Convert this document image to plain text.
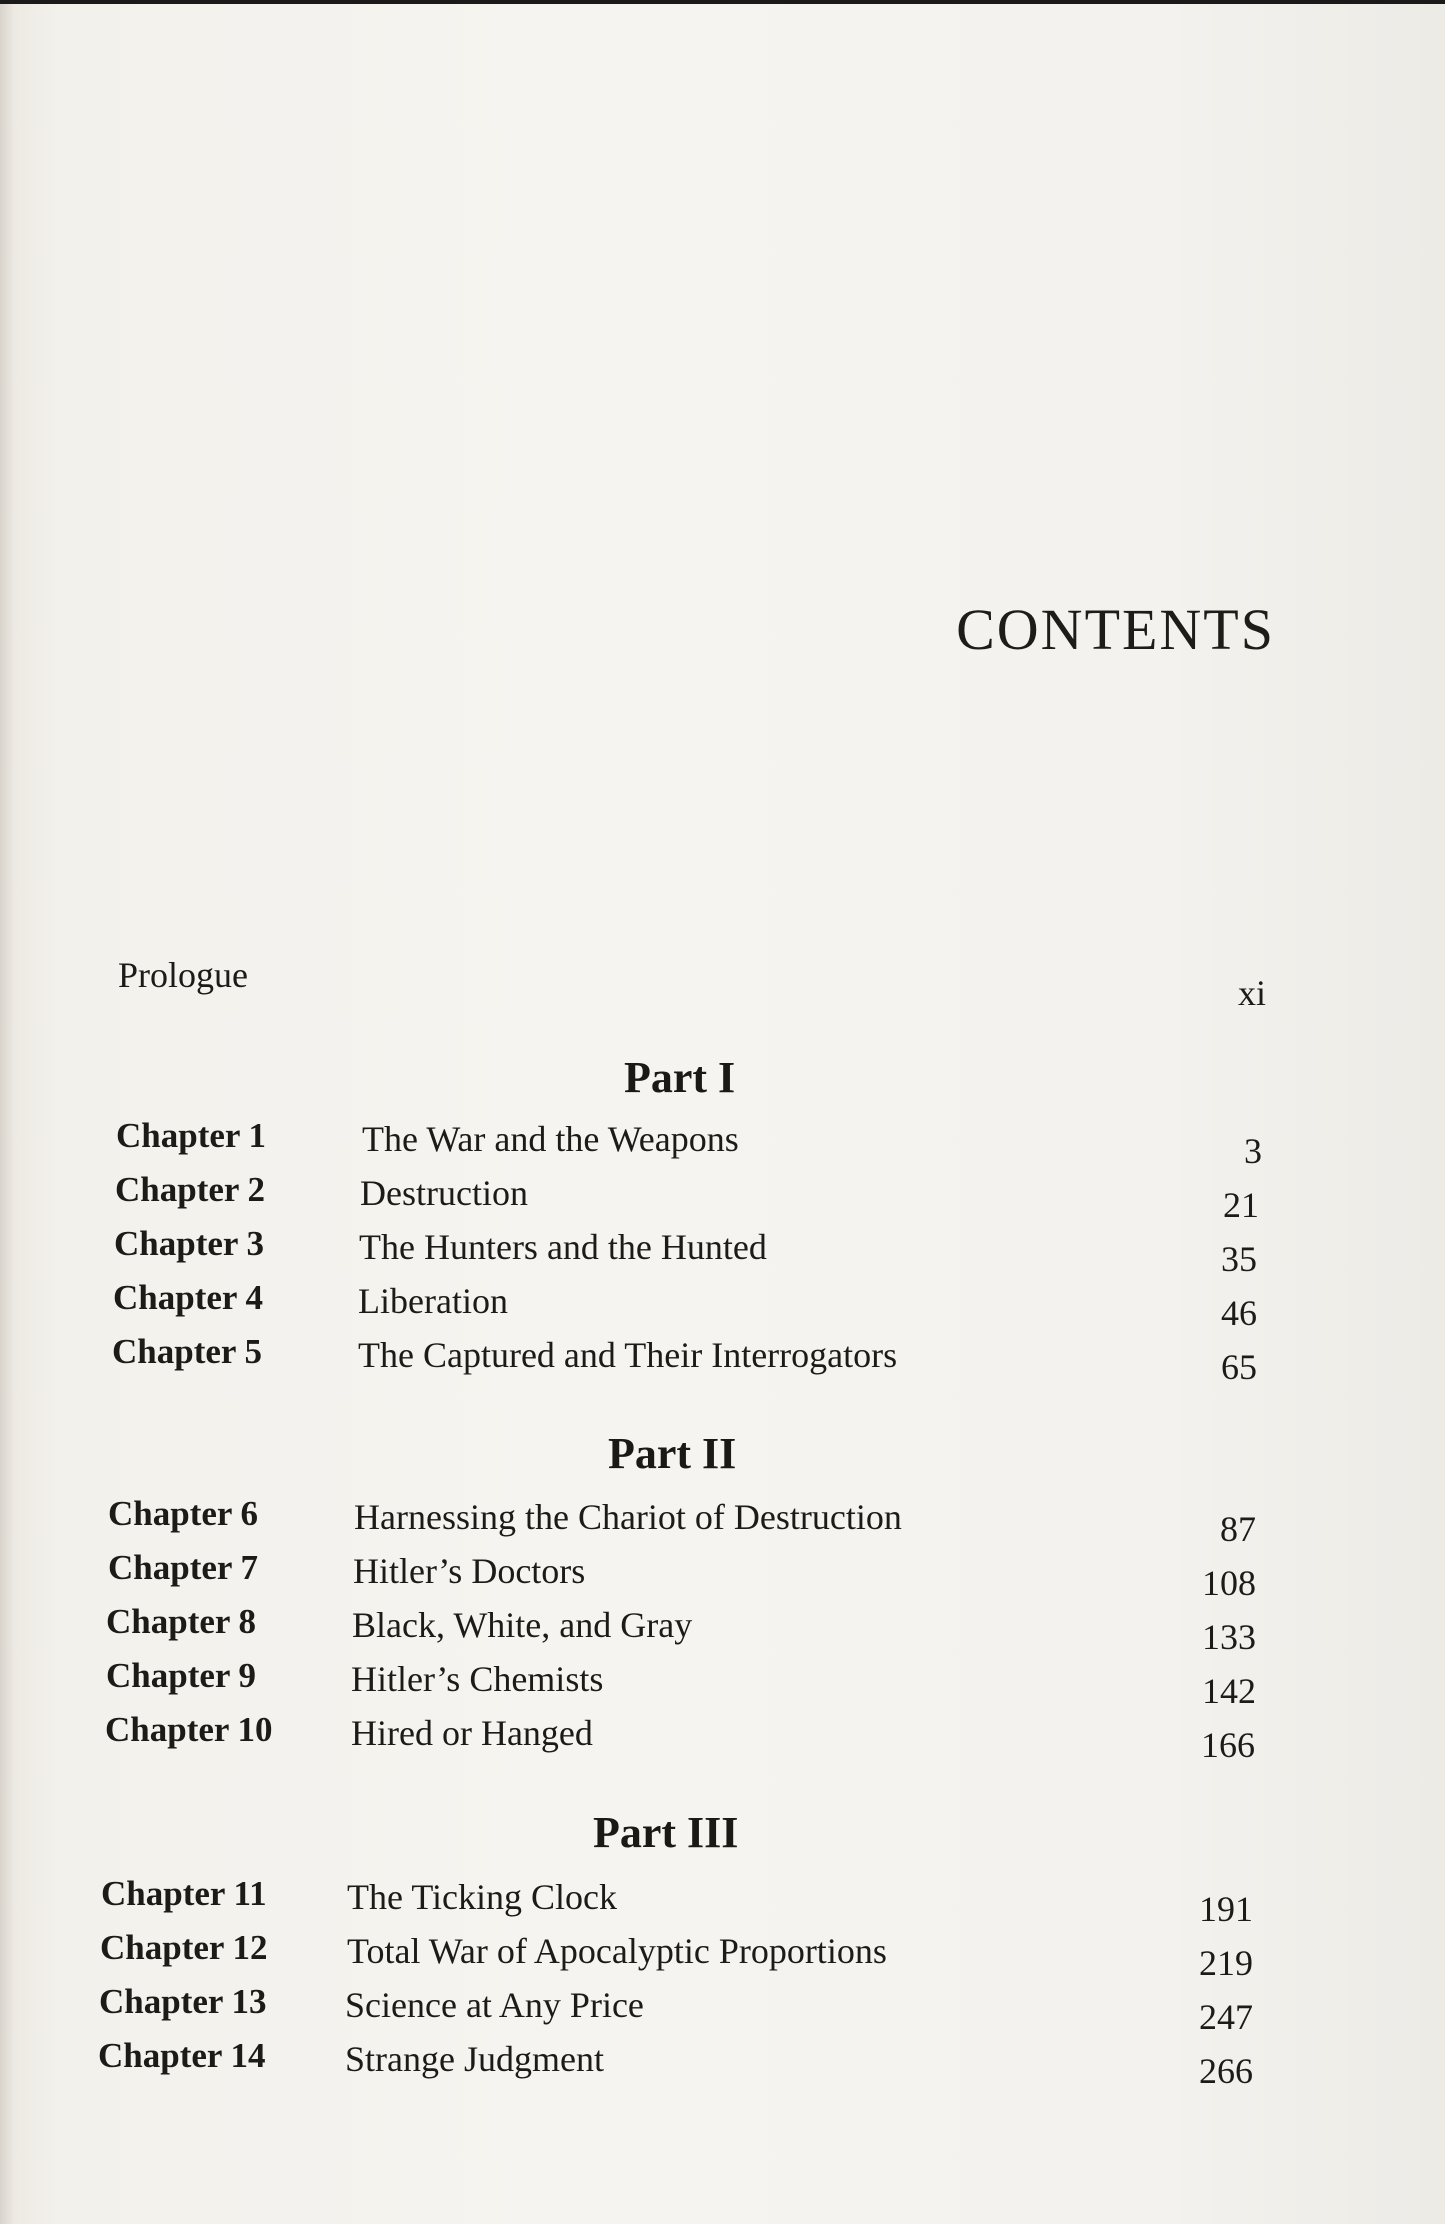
CONTENTS
Prologue	xi
Part I
Chapter 1	The War and the Weapons	3
Chapter 2	Destruction	21
Chapter 3	The Hunters and the Hunted	35
Chapter 4	Liberation	46
Chapter 5	The Captured and Their Interrogators	65
Part II
Chapter 6	Harnessing the Chariot of Destruction	87
Chapter 7	Hitler’s Doctors	108
Chapter 8	Black, White, and Gray	133
Chapter 9	Hitler’s Chemists	142
Chapter 10 Hired or Hanged	166
Part III
Chapter 11 The Ticking Clock	191
Chapter 12 Total War of Apocalyptic Proportions	219
Chapter 13 Science at Any Price	247
Chapter 14 Strange Judgment	266
